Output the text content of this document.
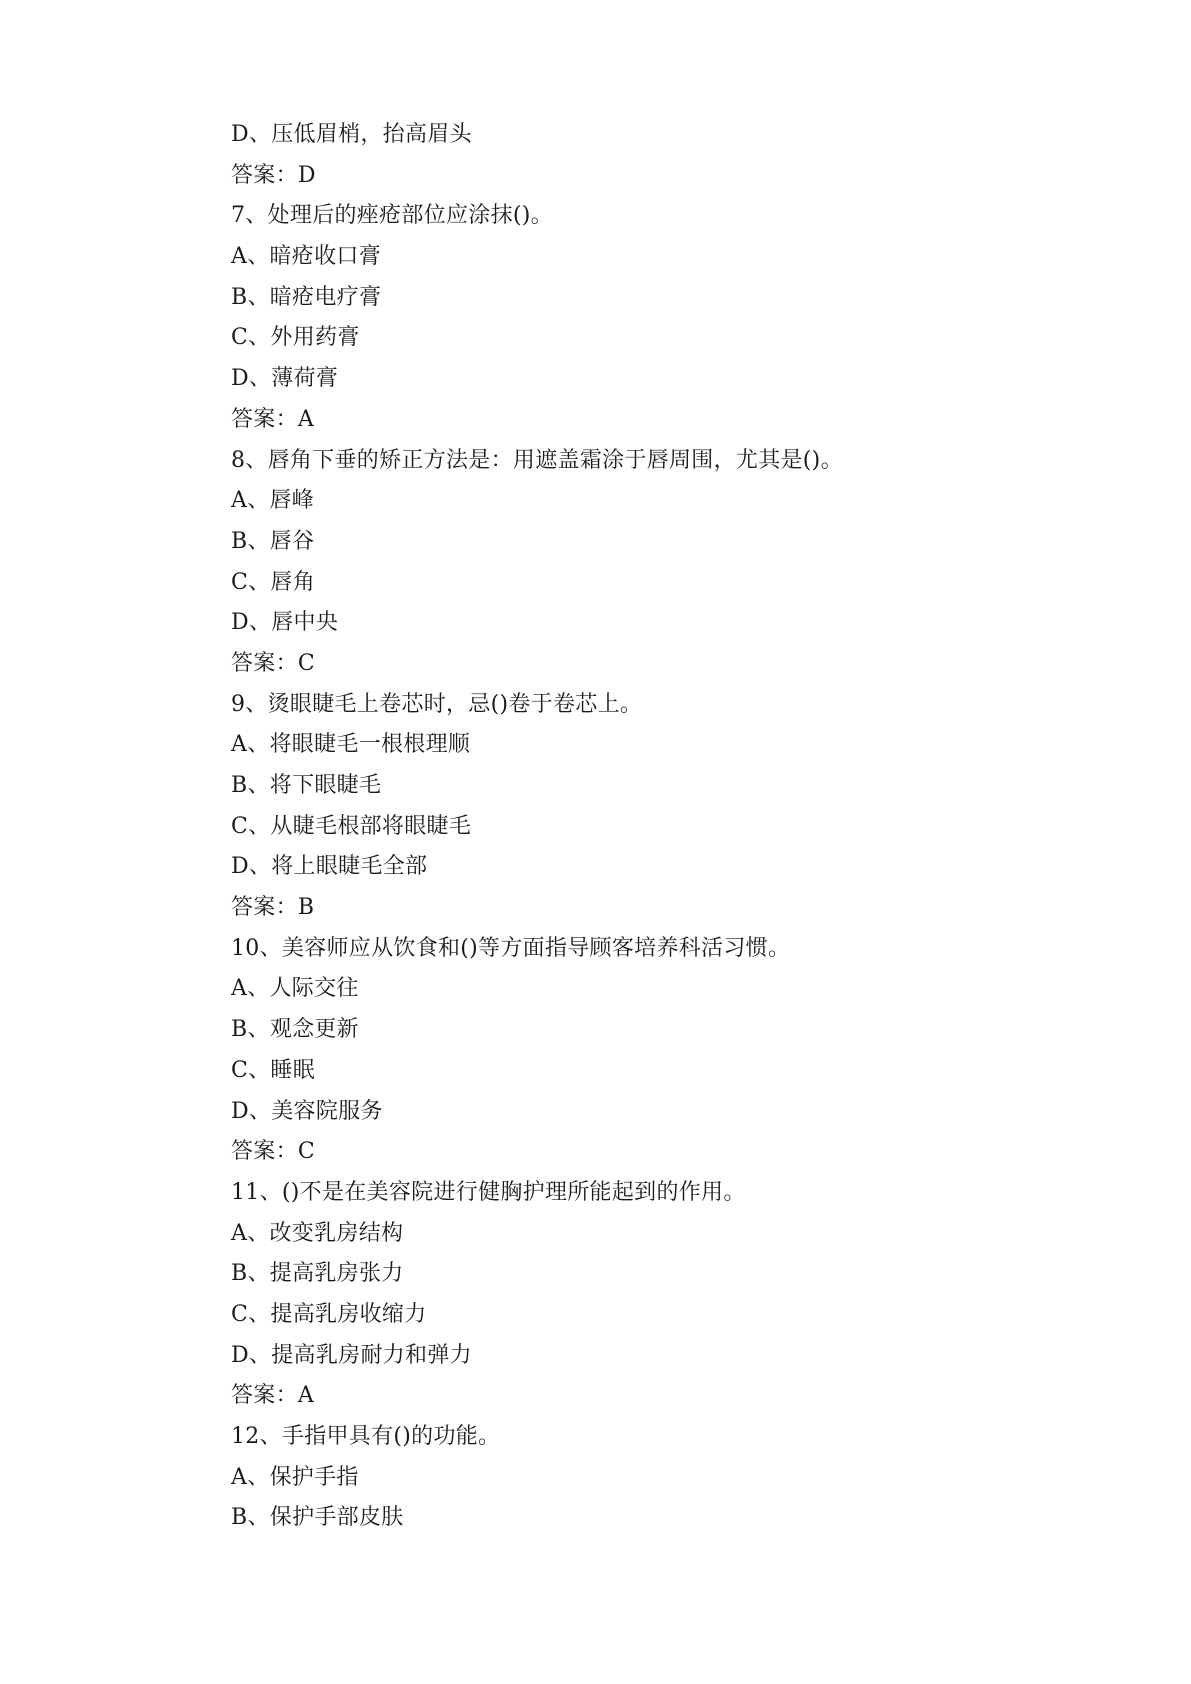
D、压低眉梢，抬高眉头
答案：D
7、处理后的痤疮部位应涂抹()。
A、暗疮收口膏
B、暗疮电疗膏
C、外用药膏
D、薄荷膏
答案：A
8、唇角下垂的矫正方法是：用遮盖霜涂于唇周围，尤其是()。
A、唇峰
B、唇谷
C、唇角
D、唇中央
答案：C
9、烫眼睫毛上卷芯时，忌()卷于卷芯上。
A、将眼睫毛一根根理顺
B、将下眼睫毛
C、从睫毛根部将眼睫毛
D、将上眼睫毛全部
答案：B
10、美容师应从饮食和()等方面指导顾客培养科活习惯。
A、人际交往
B、观念更新
C、睡眠
D、美容院服务
答案：C
11、()不是在美容院进行健胸护理所能起到的作用。
A、改变乳房结构
B、提高乳房张力
C、提高乳房收缩力
D、提高乳房耐力和弹力
答案：A
12、手指甲具有()的功能。
A、保护手指
B、保护手部皮肤
